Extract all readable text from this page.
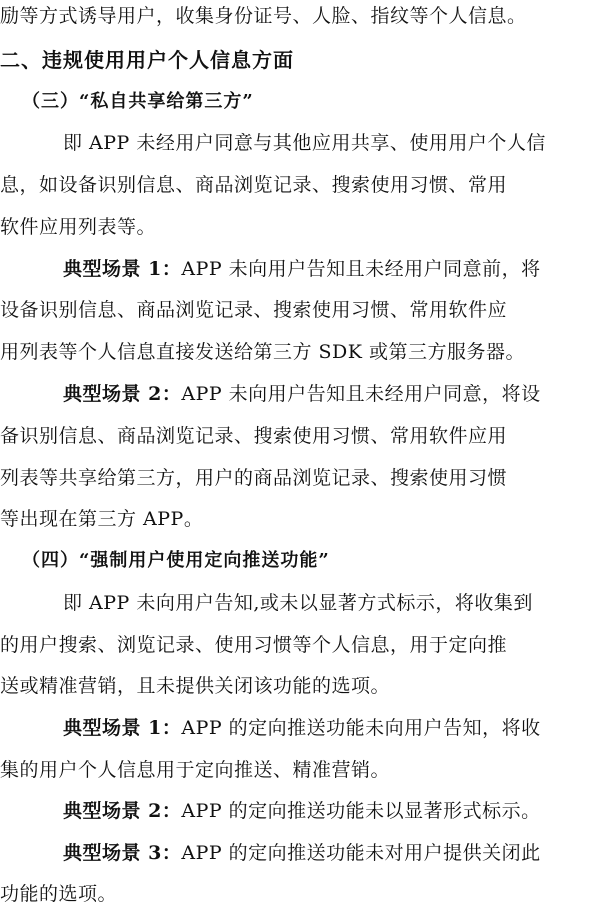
励等方式诱导用户，收集身份证号、人脸、指纹等个人信息。
二、违规使用用户个人信息方面
（三）“私自共享给第三方”
即 APP 未经用户同意与其他应用共享、使用用户个人信
息，如设备识别信息、商品浏览记录、搜索使用习惯、常用
软件应用列表等。
典型场景 1：APP 未向用户告知且未经用户同意前，将
设备识别信息、商品浏览记录、搜索使用习惯、常用软件应
用列表等个人信息直接发送给第三方 SDK 或第三方服务器。
典型场景 2：APP 未向用户告知且未经用户同意，将设
备识别信息、商品浏览记录、搜索使用习惯、常用软件应用
列表等共享给第三方，用户的商品浏览记录、搜索使用习惯
等出现在第三方 APP。
（四）“强制用户使用定向推送功能”
即 APP 未向用户告知,或未以显著方式标示，将收集到
的用户搜索、浏览记录、使用习惯等个人信息，用于定向推
送或精准营销，且未提供关闭该功能的选项。
典型场景 1：APP 的定向推送功能未向用户告知，将收
集的用户个人信息用于定向推送、精准营销。
典型场景 2：APP 的定向推送功能未以显著形式标示。
典型场景 3：APP 的定向推送功能未对用户提供关闭此
功能的选项。
